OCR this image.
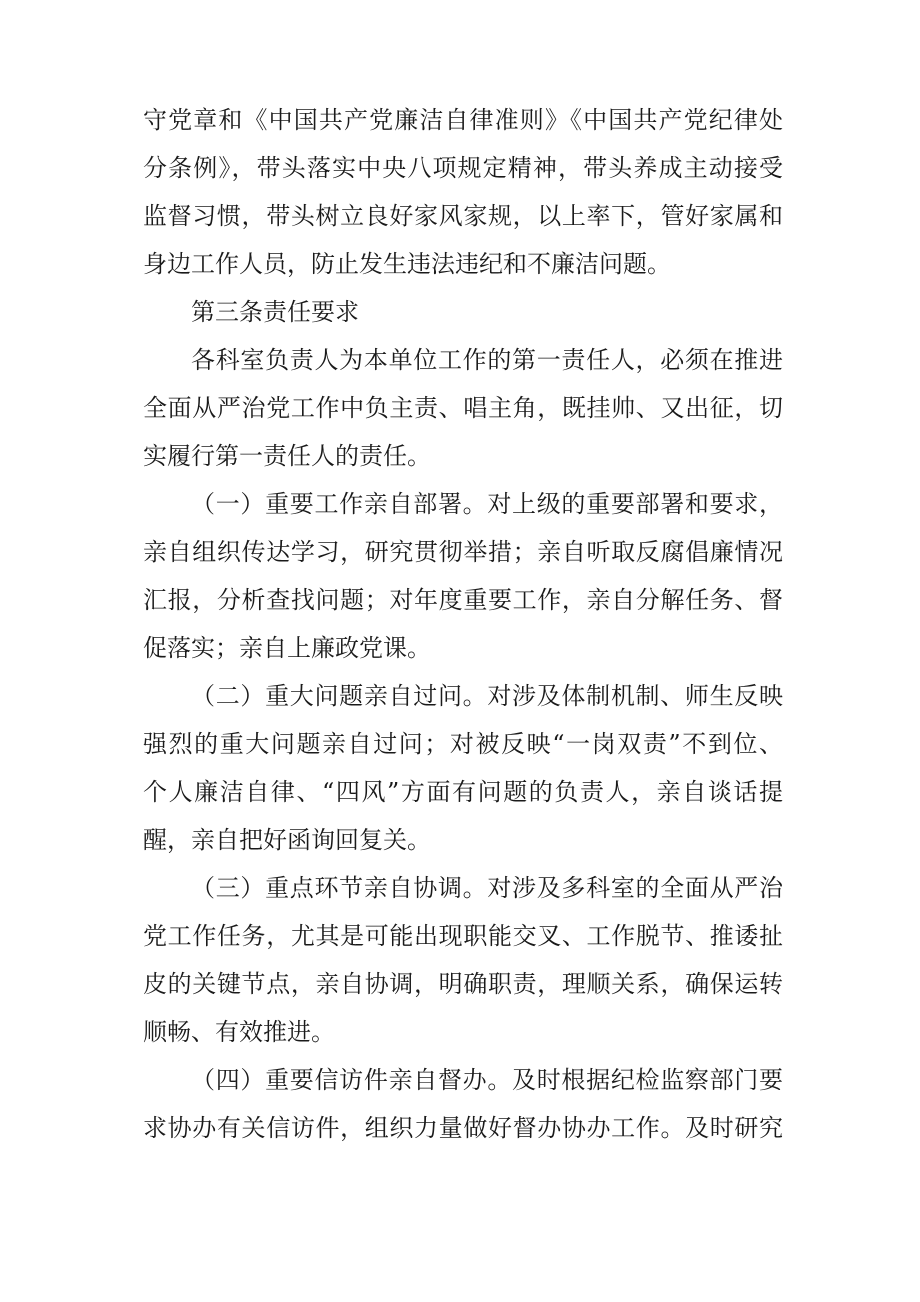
守党章和《中国共产党廉洁自律准则》《中国共产党纪律处
分条例》，带头落实中央八项规定精神，带头养成主动接受
监督习惯，带头树立良好家风家规，以上率下，管好家属和
身边工作人员，防止发生违法违纪和不廉洁问题。
第三条责任要求
各科室负责人为本单位工作的第一责任人，必须在推进
全面从严治党工作中负主责、唱主角，既挂帅、又出征，切
实履行第一责任人的责任。
（一）重要工作亲自部署。对上级的重要部署和要求，
亲自组织传达学习，研究贯彻举措；亲自听取反腐倡廉情况
汇报，分析查找问题；对年度重要工作，亲自分解任务、督
促落实；亲自上廉政党课。
（二）重大问题亲自过问。对涉及体制机制、师生反映
强烈的重大问题亲自过问；对被反映“一岗双责”不到位、
个人廉洁自律、“四风”方面有问题的负责人，亲自谈话提
醒，亲自把好函询回复关。
（三）重点环节亲自协调。对涉及多科室的全面从严治
党工作任务，尤其是可能出现职能交叉、工作脱节、推诿扯
皮的关键节点，亲自协调，明确职责，理顺关系，确保运转
顺畅、有效推进。
（四）重要信访件亲自督办。及时根据纪检监察部门要
求协办有关信访件，组织力量做好督办协办工作。及时研究
